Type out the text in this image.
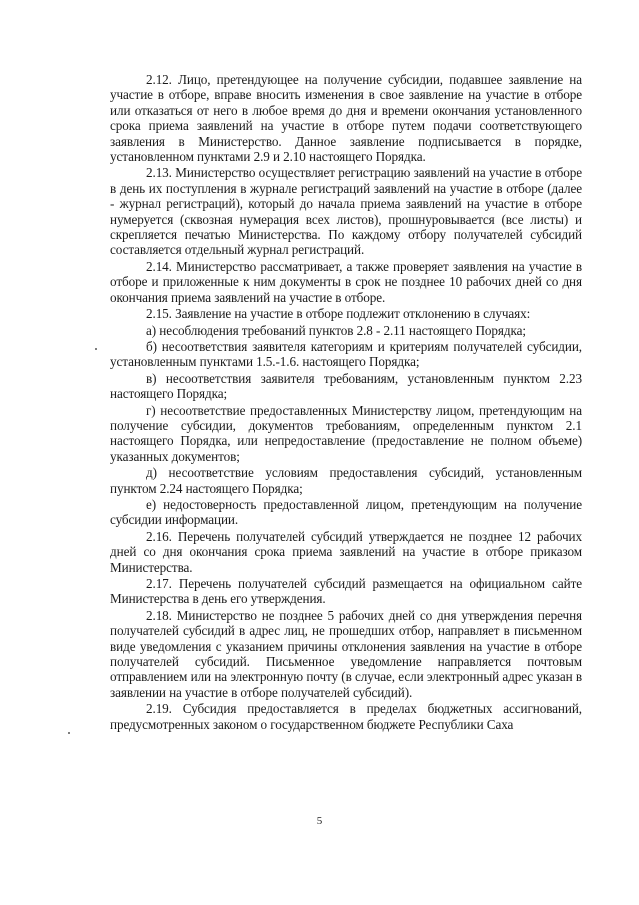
2.12. Лицо, претендующее на получение субсидии, подавшее заявление на участие в отборе, вправе вносить изменения в свое заявление на участие в отборе или отказаться от него в любое время до дня и времени окончания установленного срока приема заявлений на участие в отборе путем подачи соответствующего заявления в Министерство. Данное заявление подписывается в порядке, установленном пунктами 2.9 и 2.10 настоящего Порядка.

2.13. Министерство осуществляет регистрацию заявлений на участие в отборе в день их поступления в журнале регистраций заявлений на участие в отборе (далее - журнал регистраций), который до начала приема заявлений на участие в отборе нумеруется (сквозная нумерация всех листов), прошнуровывается (все листы) и скрепляется печатью Министерства. По каждому отбору получателей субсидий составляется отдельный журнал регистраций.

2.14. Министерство рассматривает, а также проверяет заявления на участие в отборе и приложенные к ним документы в срок не позднее 10 рабочих дней со дня окончания приема заявлений на участие в отборе.

2.15. Заявление на участие в отборе подлежит отклонению в случаях:

а) несоблюдения требований пунктов 2.8 - 2.11 настоящего Порядка;

б) несоответствия заявителя категориям и критериям получателей субсидии, установленным пунктами 1.5.-1.6. настоящего Порядка;

в) несоответствия заявителя требованиям, установленным пунктом 2.23 настоящего Порядка;

г) несоответствие предоставленных Министерству лицом, претендующим на получение субсидии, документов требованиям, определенным пунктом 2.1 настоящего Порядка, или непредоставление (предоставление не полном объеме) указанных документов;

д) несоответствие условиям предоставления субсидий, установленным пунктом 2.24 настоящего Порядка;

е) недостоверность предоставленной лицом, претендующим на получение субсидии информации.

2.16. Перечень получателей субсидий утверждается не позднее 12 рабочих дней со дня окончания срока приема заявлений на участие в отборе приказом Министерства.

2.17. Перечень получателей субсидий размещается на официальном сайте Министерства в день его утверждения.

2.18. Министерство не позднее 5 рабочих дней со дня утверждения перечня получателей субсидий в адрес лиц, не прошедших отбор, направляет в письменном виде уведомления с указанием причины отклонения заявления на участие в отборе получателей субсидий. Письменное уведомление направляется почтовым отправлением или на электронную почту (в случае, если электронный адрес указан в заявлении на участие в отборе получателей субсидий).

2.19. Субсидия предоставляется в пределах бюджетных ассигнований, предусмотренных законом о государственном бюджете Республики Саха

5
